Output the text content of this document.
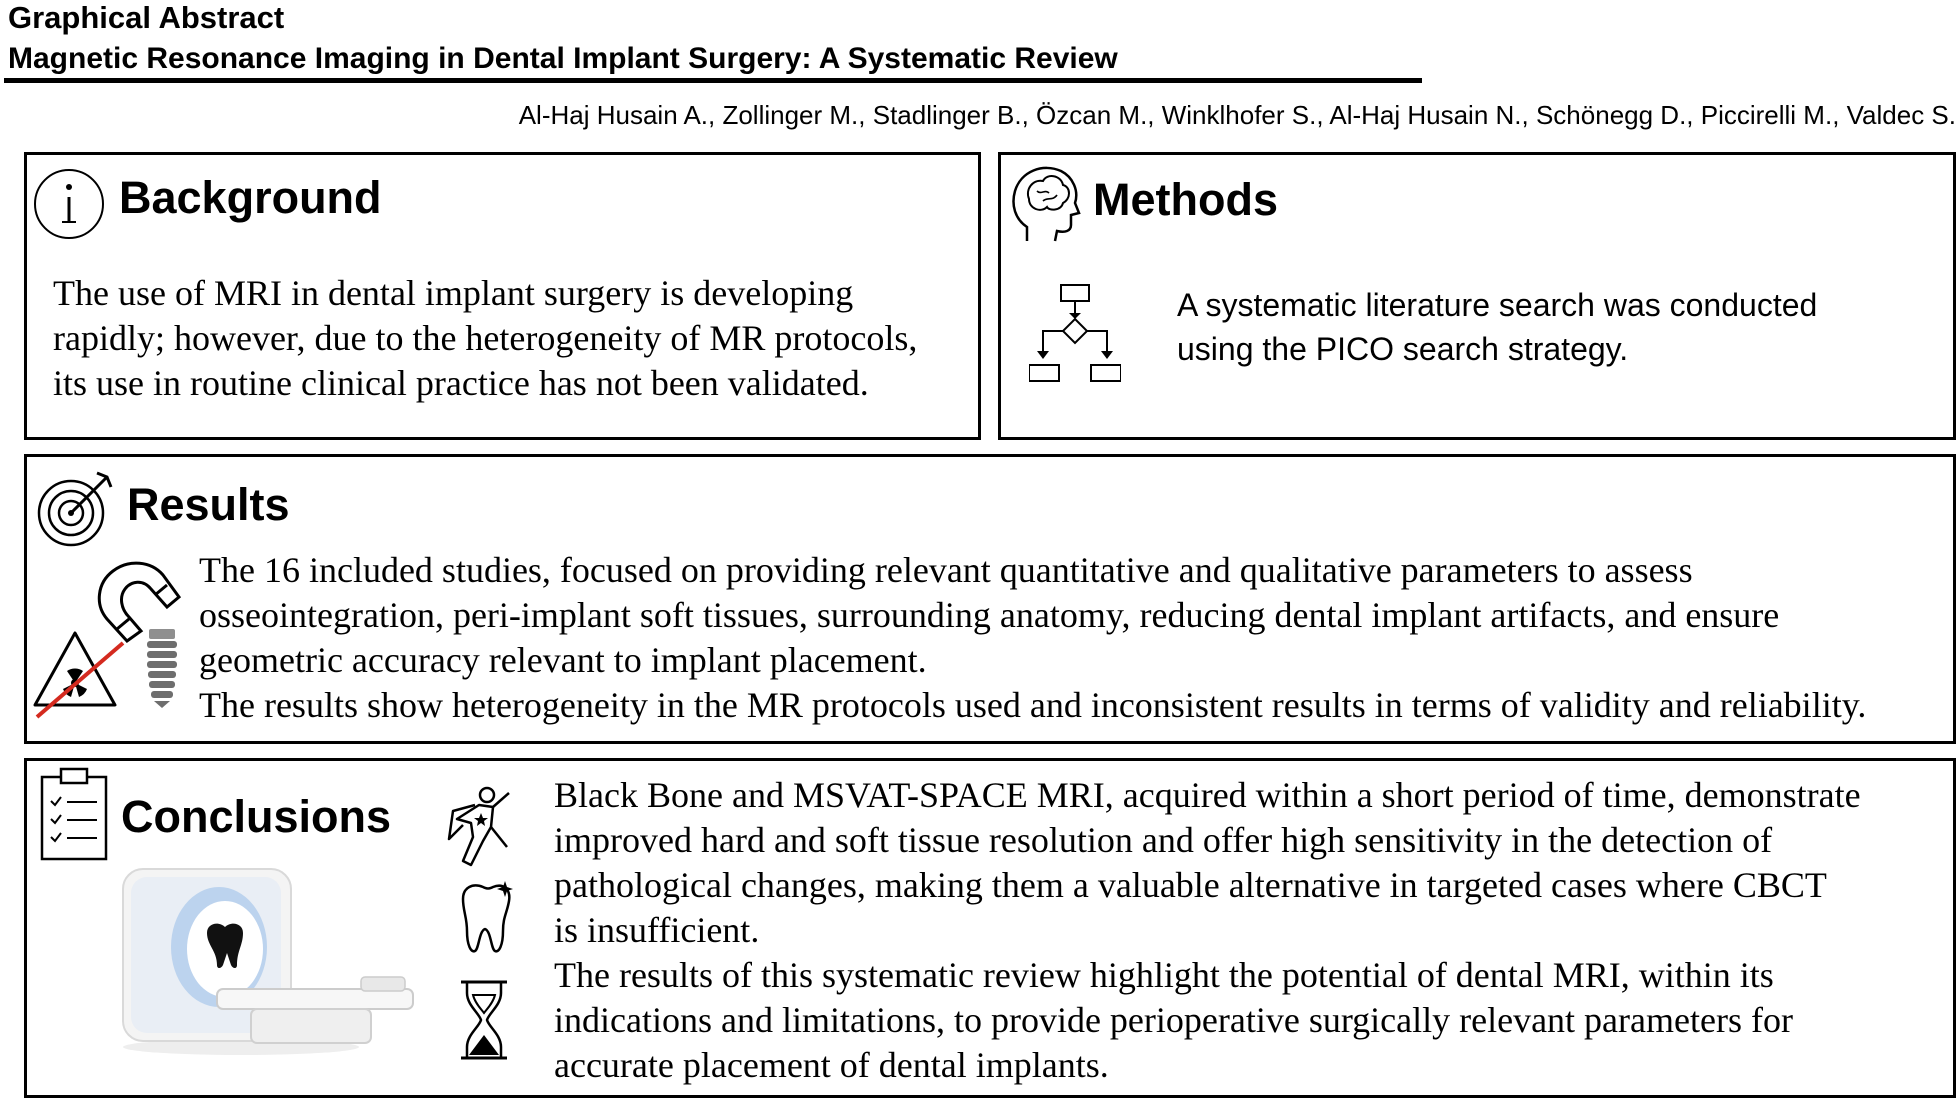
Graphical Abstract
Magnetic Resonance Imaging in Dental Implant Surgery: A Systematic Review
Al-Haj Husain A., Zollinger M., Stadlinger B., Özcan M., Winklhofer S., Al-Haj Husain N., Schönegg D., Piccirelli M., Valdec S.
Background
The use of MRI in dental implant surgery is developing
rapidly; however, due to the heterogeneity of MR protocols,
its use in routine clinical practice has not been validated.
Methods
A systematic literature search was conducted
using the PICO search strategy.
Results
The 16 included studies, focused on providing relevant quantitative and qualitative parameters to assess
osseointegration, peri-implant soft tissues, surrounding anatomy, reducing dental implant artifacts, and ensure
geometric accuracy relevant to implant placement.
The results show heterogeneity in the MR protocols used and inconsistent results in terms of validity and reliability.
Conclusions	Black Bone and MSVAT-SPACE MRI, acquired within a short period of time, demonstrate
improved hard and soft tissue resolution and offer high sensitivity in the detection of
pathological changes, making them a valuable alternative in targeted cases where CBCT
is insufficient.
The results of this systematic review highlight the potential of dental MRI, within its
indications and limitations, to provide perioperative surgically relevant parameters for
accurate placement of dental implants.
